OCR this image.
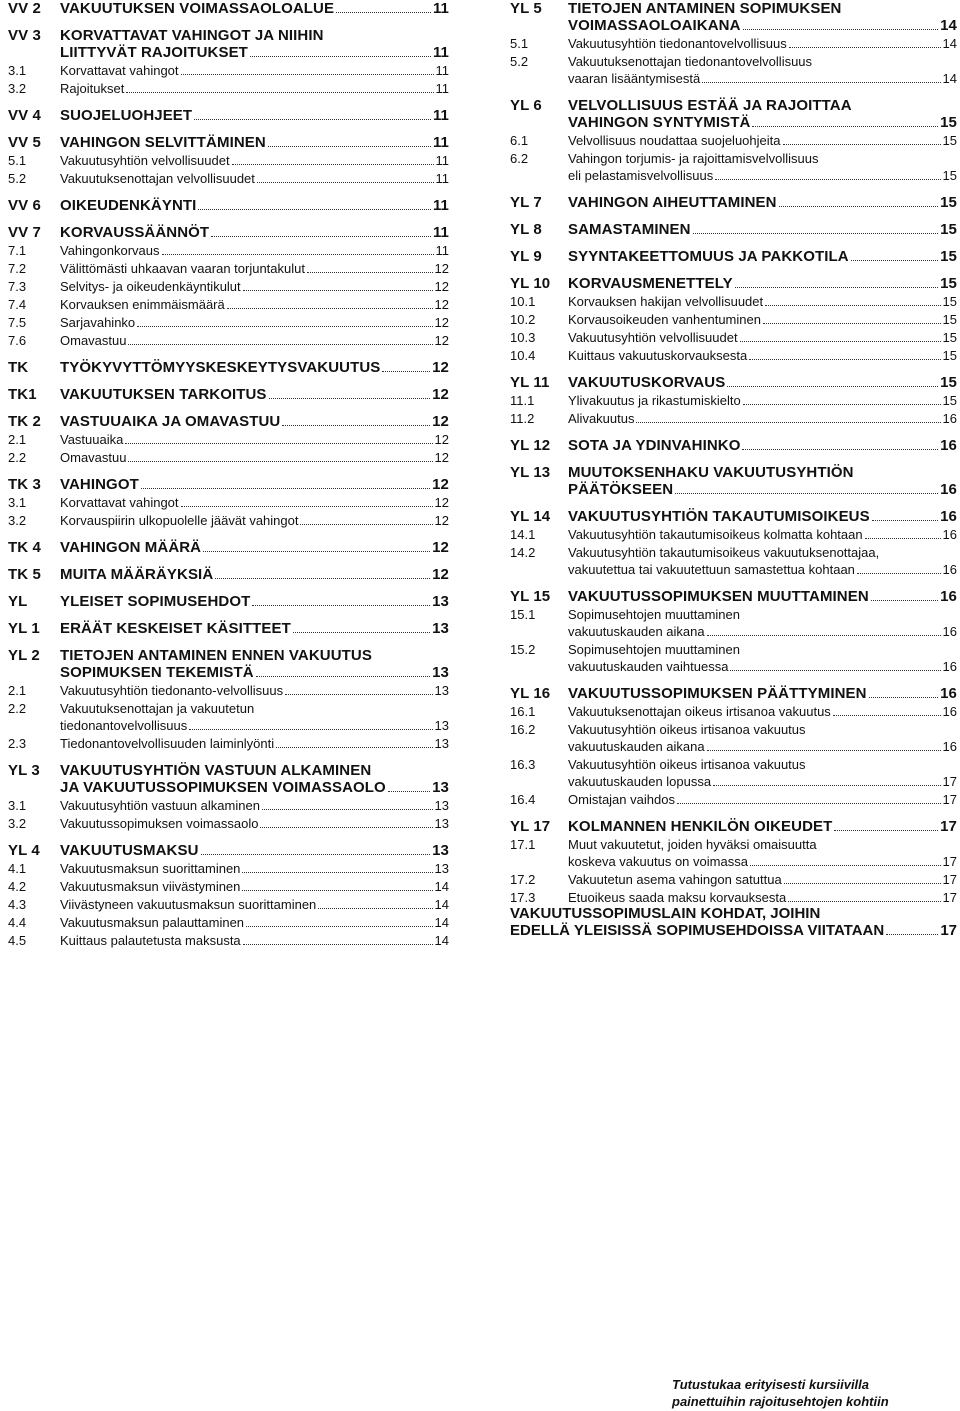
VV 2	VAKUUTUKSEN VOIMASSAOLOALUE	11
VV 3	KORVATTAVAT VAHINGOT JA NIIHIN
LIITTYVÄT RAJOITUKSET	11
3.1	Korvattavat vahingot	11
3.2	Rajoitukset	11
VV 4	SUOJELUOHJEET	11
VV 5	VAHINGON SELVITTÄMINEN	11
5.1	Vakuutusyhtiön velvollisuudet	11
5.2	Vakuutuksenottajan velvollisuudet	11
VV 6	OIKEUDENKÄYNTI	11
VV 7	KORVAUSSÄÄNNÖT	11
7.1	Vahingonkorvaus	11
7.2	Välittömästi uhkaavan vaaran torjuntakulut	12
7.3	Selvitys- ja oikeudenkäyntikulut	12
7.4	Korvauksen enimmäismäärä	12
7.5	Sarjavahinko	12
7.6	Omavastuu	12
TK	TYÖKYVYTTÖMYYSKESKEYTYSVAKUUTUS	12
TK1	VAKUUTUKSEN TARKOITUS	12
TK 2	VASTUUAIKA JA OMAVASTUU	12
2.1	Vastuuaika	12
2.2	Omavastuu	12
TK 3	VAHINGOT	12
3.1	Korvattavat vahingot	12
3.2	Korvauspiirin ulkopuolelle jäävät vahingot	12
TK 4	VAHINGON MÄÄRÄ	12
TK 5	MUITA MÄÄRÄYKSIÄ	12
YL	YLEISET SOPIMUSEHDOT	13
YL 1	ERÄÄT KESKEISET KÄSITTEET	13
YL 2	TIETOJEN ANTAMINEN ENNEN VAKUUTUS
SOPIMUKSEN TEKEMISTÄ	13
2.1	Vakuutusyhtiön tiedonanto-velvollisuus	13
2.2	Vakuutuksenottajan ja vakuutetun
tiedonantovelvollisuus	13
2.3	Tiedonantovelvollisuuden laiminlyönti	13
YL 3	VAKUUTUSYHTIÖN VASTUUN ALKAMINEN
JA VAKUUTUSSOPIMUKSEN VOIMASSAOLO	13
3.1	Vakuutusyhtiön vastuun alkaminen	13
3.2	Vakuutussopimuksen voimassaolo	13
YL 4	VAKUUTUSMAKSU	13
4.1	Vakuutusmaksun suorittaminen	13
4.2	Vakuutusmaksun viivästyminen	14
4.3	Viivästyneen vakuutusmaksun suorittaminen	14
4.4	Vakuutusmaksun palauttaminen	14
4.5	Kuittaus palautetusta maksusta	14
YL 5	TIETOJEN ANTAMINEN SOPIMUKSEN
VOIMASSAOLOAIKANA	14
5.1	Vakuutusyhtiön tiedonantovelvollisuus	14
5.2	Vakuutuksenottajan tiedonantovelvollisuus
vaaran lisääntymisestä	14
YL 6	VELVOLLISUUS ESTÄÄ JA RAJOITTAA
VAHINGON SYNTYMISTÄ	15
6.1	Velvollisuus noudattaa suojeluohjeita	15
6.2	Vahingon torjumis- ja rajoittamisvelvollisuus
eli pelastamisvelvollisuus	15
YL 7	VAHINGON AIHEUTTAMINEN	15
YL 8	SAMASTAMINEN	15
YL 9	SYYNTAKEETTOMUUS JA PAKKOTILA	15
YL 10	KORVAUSMENETTELY	15
10.1	Korvauksen hakijan velvollisuudet	15
10.2	Korvausoikeuden vanhentuminen	15
10.3	Vakuutusyhtiön velvollisuudet	15
10.4	Kuittaus vakuutuskorvauksesta	15
YL 11	VAKUUTUSKORVAUS	15
11.1	Ylivakuutus ja rikastumiskielto	15
11.2	Alivakuutus	16
YL 12	SOTA JA YDINVAHINKO	16
YL 13	MUUTOKSENHAKU VAKUUTUSYHTIÖN
PÄÄTÖKSEEN	16
YL 14	VAKUUTUSYHTIÖN TAKAUTUMISOIKEUS	16
14.1	Vakuutusyhtiön takautumisoikeus kolmatta kohtaan	16
14.2	Vakuutusyhtiön takautumisoikeus vakuutuksenottajaa,
vakuutettua tai vakuutettuun samastettua kohtaan	16
YL 15	VAKUUTUSSOPIMUKSEN MUUTTAMINEN	16
15.1	Sopimusehtojen muuttaminen
vakuutuskauden aikana	16
15.2	Sopimusehtojen muuttaminen
vakuutuskauden vaihtuessa	16
YL 16	VAKUUTUSSOPIMUKSEN PÄÄTTYMINEN	16
16.1	Vakuutuksenottajan oikeus irtisanoa vakuutus	16
16.2	Vakuutusyhtiön oikeus irtisanoa vakuutus
vakuutuskauden aikana	16
16.3	Vakuutusyhtiön oikeus irtisanoa vakuutus
vakuutuskauden lopussa	17
16.4	Omistajan vaihdos	17
YL 17	KOLMANNEN HENKILÖN OIKEUDET	17
17.1	Muut vakuutetut, joiden hyväksi omaisuutta
koskeva vakuutus on voimassa	17
17.2	Vakuutetun asema vahingon satuttua	17
17.3	Etuoikeus saada maksu korvauksesta	17
VAKUUTUSSOPIMUSLAIN KOHDAT, JOIHIN
EDELLÄ YLEISISSÄ SOPIMUSEHDOISSA VIITATAAN	17
Tutustukaa erityisesti kursiivilla
painettuihin rajoitusehtojen kohtiin
